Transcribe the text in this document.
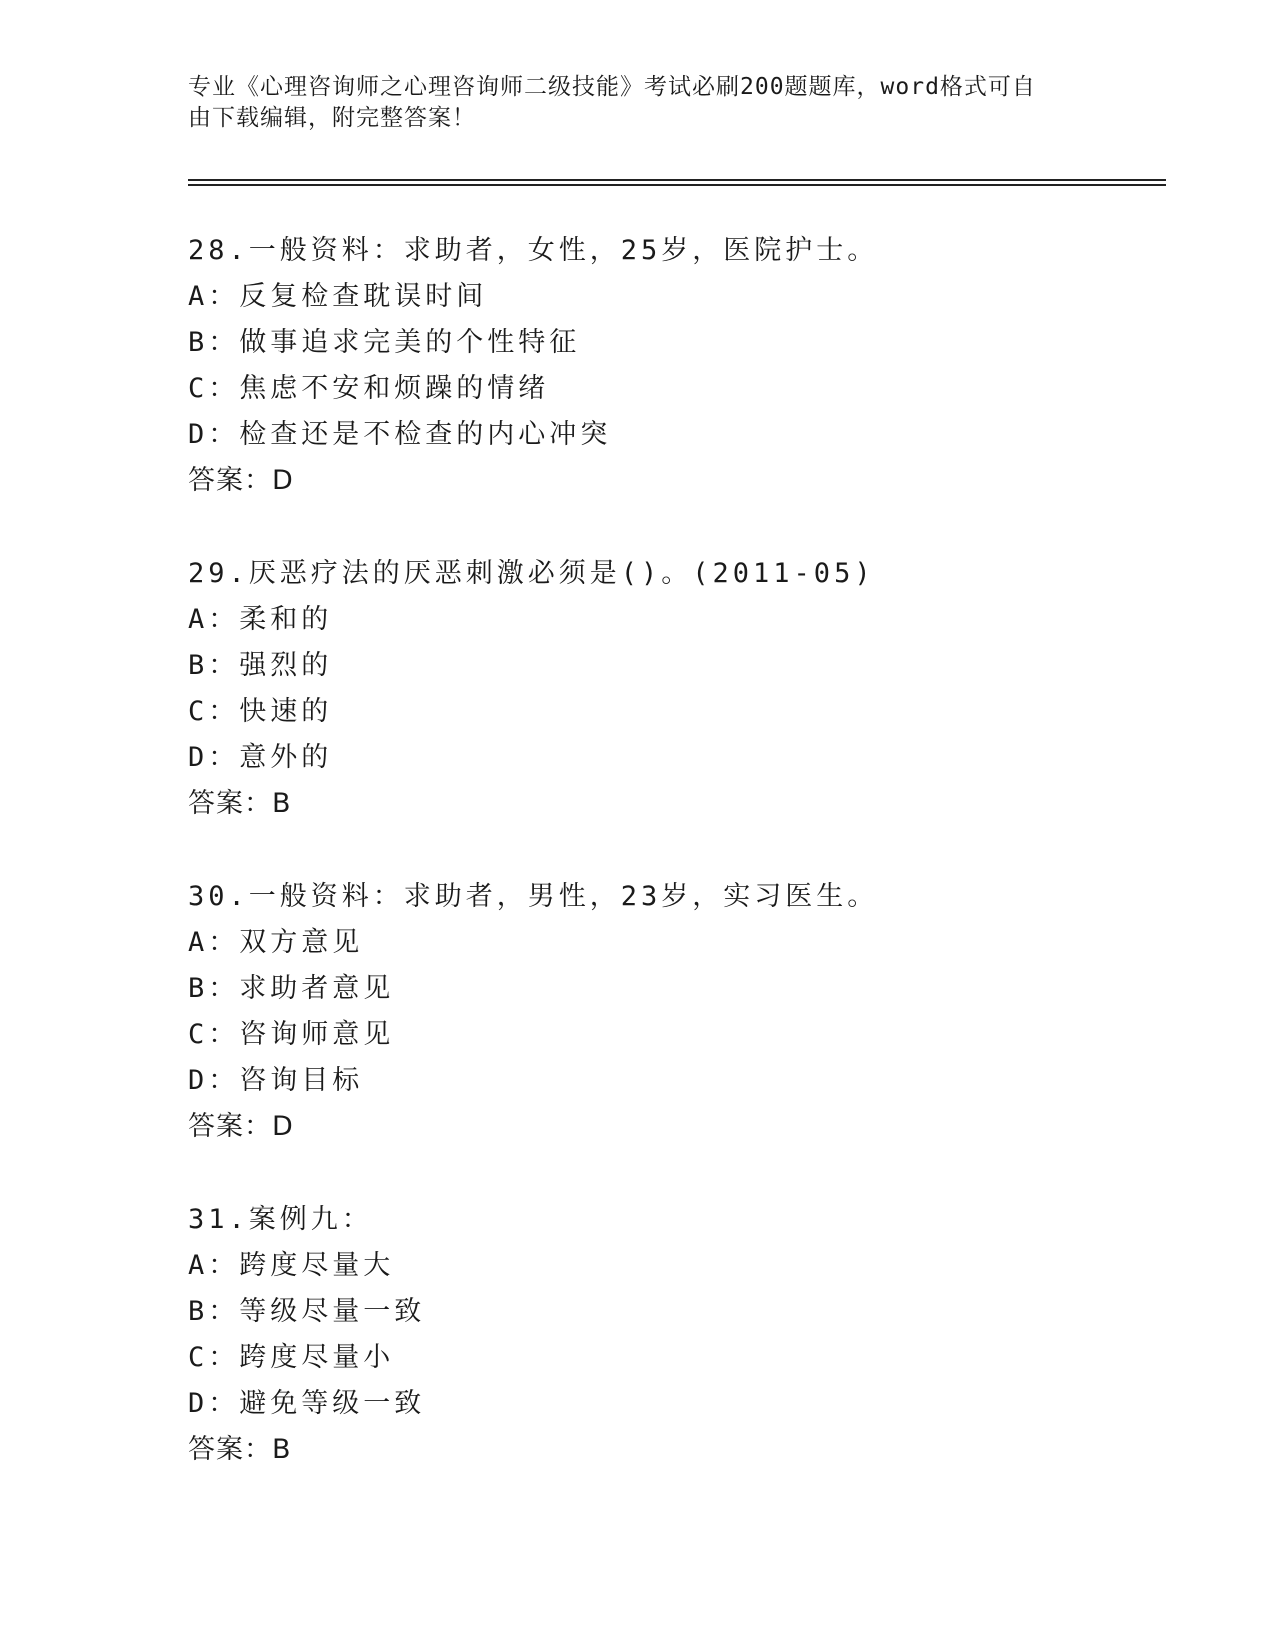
专业《心理咨询师之心理咨询师二级技能》考试必刷200题题库，word格式可自
由下载编辑，附完整答案！
28.一般资料：求助者，女性，25岁，医院护士。
A：反复检查耽误时间
B：做事追求完美的个性特征
C：焦虑不安和烦躁的情绪
D：检查还是不检查的内心冲突
答案：D
29.厌恶疗法的厌恶刺激必须是()。(2011-05)
A：柔和的
B：强烈的
C：快速的
D：意外的
答案：B
30.一般资料：求助者，男性，23岁，实习医生。
A：双方意见
B：求助者意见
C：咨询师意见
D：咨询目标
答案：D
31.案例九：
A：跨度尽量大
B：等级尽量一致
C：跨度尽量小
D：避免等级一致
答案：B
